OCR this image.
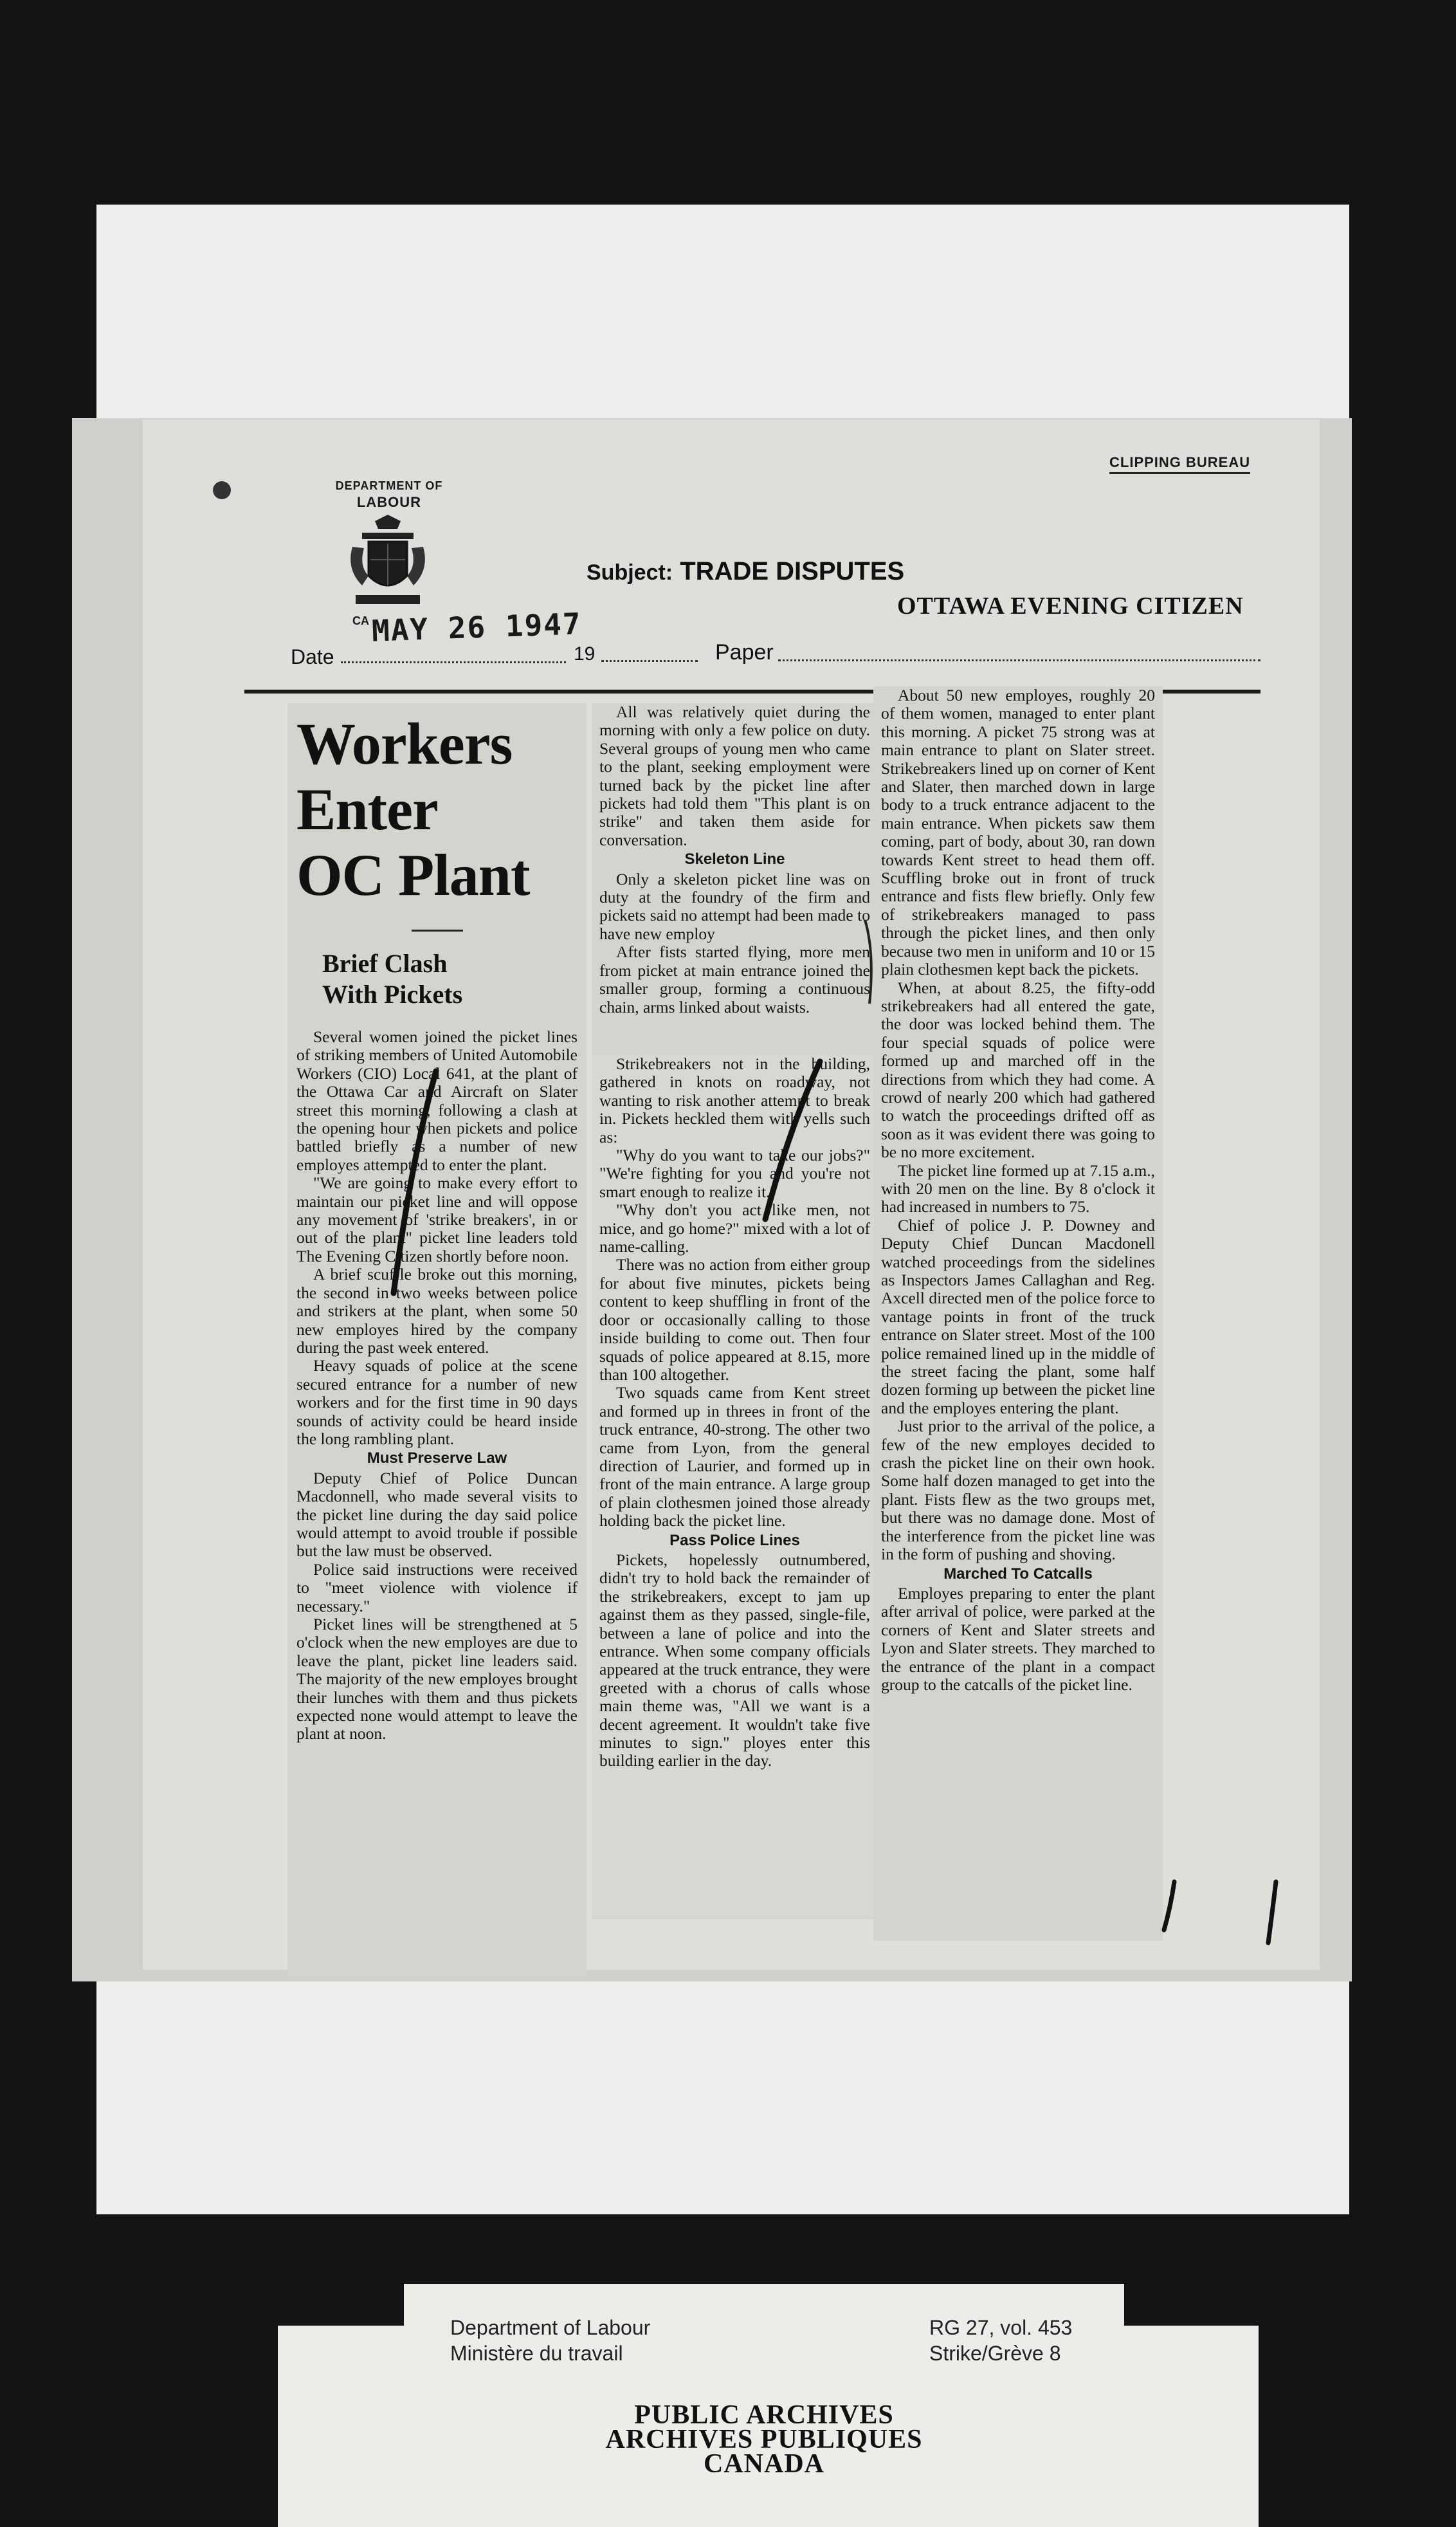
DEPARTMENT OF
LABOUR
CA
CLIPPING BUREAU
Subject: TRADE DISPUTES
OTTAWA EVENING CITIZEN
Date
MAY 26 1947
19	Paper
Workers
Enter
OC Plant
Brief Clash
With Pickets

Several women joined the picket lines of striking members of United Automobile Workers (CIO) Local 641, at the plant of the Ottawa Car and Aircraft on Slater street this morning, following a clash at the opening hour when pickets and police battled briefly as a number of new employes attempted to enter the plant.

"We are going to make every effort to maintain our picket line and will oppose any movement of 'strike breakers', in or out of the plant" picket line leaders told The Evening Citizen shortly before noon.

A brief scuffle broke out this morning, the second in two weeks between police and strikers at the plant, when some 50 new employes hired by the company during the past week entered.

Heavy squads of police at the scene secured entrance for a number of new workers and for the first time in 90 days sounds of activity could be heard inside the long rambling plant.

Must Preserve Law

Deputy Chief of Police Duncan Macdonnell, who made several visits to the picket line during the day said police would attempt to avoid trouble if possible but the law must be observed.

Police said instructions were received to "meet violence with violence if necessary."

Picket lines will be strengthened at 5 o'clock when the new employes are due to leave the plant, picket line leaders said. The majority of the new employes brought their lunches with them and thus pickets expected none would attempt to leave the plant at noon.

All was relatively quiet during the morning with only a few police on duty. Several groups of young men who came to the plant, seeking employment were turned back by the picket line after pickets had told them "This plant is on strike" and taken them aside for conversation.

Skeleton Line

Only a skeleton picket line was on duty at the foundry of the firm and pickets said no attempt had been made to have new employ

After fists started flying, more men from picket at main entrance joined the smaller group, forming a continuous chain, arms linked about waists.

Strikebreakers not in the building, gathered in knots on roadway, not wanting to risk another attempt to break in. Pickets heckled them with yells such as:

"Why do you want to take our jobs?" "We're fighting for you and you're not smart enough to realize it.

"Why don't you act like men, not mice, and go home?" mixed with a lot of name-calling.

There was no action from either group for about five minutes, pickets being content to keep shuffling in front of the door or occasionally calling to those inside building to come out. Then four squads of police appeared at 8.15, more than 100 altogether.

Two squads came from Kent street and formed up in threes in front of the truck entrance, 40-strong. The other two came from Lyon, from the general direction of Laurier, and formed up in front of the main entrance. A large group of plain clothesmen joined those already holding back the picket line.

Pass Police Lines

Pickets, hopelessly outnumbered, didn't try to hold back the remainder of the strikebreakers, except to jam up against them as they passed, single-file, between a lane of police and into the entrance. When some company officials appeared at the truck entrance, they were greeted with a chorus of calls whose main theme was, "All we want is a decent agreement. It wouldn't take five minutes to sign." ployes enter this building earlier in the day.

About 50 new employes, roughly 20 of them women, managed to enter plant this morning. A picket 75 strong was at main entrance to plant on Slater street. Strikebreakers lined up on corner of Kent and Slater, then marched down in large body to a truck entrance adjacent to the main entrance. When pickets saw them coming, part of body, about 30, ran down towards Kent street to head them off. Scuffling broke out in front of truck entrance and fists flew briefly. Only few of strikebreakers managed to pass through the picket lines, and then only because two men in uniform and 10 or 15 plain clothesmen kept back the pickets.

When, at about 8.25, the fifty-odd strikebreakers had all entered the gate, the door was locked behind them. The four special squads of police were formed up and marched off in the directions from which they had come. A crowd of nearly 200 which had gathered to watch the proceedings drifted off as soon as it was evident there was going to be no more excitement.

The picket line formed up at 7.15 a.m., with 20 men on the line. By 8 o'clock it had increased in numbers to 75.

Chief of police J. P. Downey and Deputy Chief Duncan Macdonell watched proceedings from the sidelines as Inspectors James Callaghan and Reg. Axcell directed men of the police force to vantage points in front of the truck entrance on Slater street. Most of the 100 police remained lined up in the middle of the street facing the plant, some half dozen forming up between the picket line and the employes entering the plant.

Just prior to the arrival of the police, a few of the new employes decided to crash the picket line on their own hook. Some half dozen managed to get into the plant. Fists flew as the two groups met, but there was no damage done. Most of the interference from the picket line was in the form of pushing and shoving.

Marched To Catcalls

Employes preparing to enter the plant after arrival of police, were parked at the corners of Kent and Slater streets and Lyon and Slater streets. They marched to the entrance of the plant in a compact group to the catcalls of the picket line.

Department of Labour
Ministère du travail
RG 27, vol. 453
Strike/Grève 8
PUBLIC ARCHIVES
ARCHIVES PUBLIQUES
CANADA
